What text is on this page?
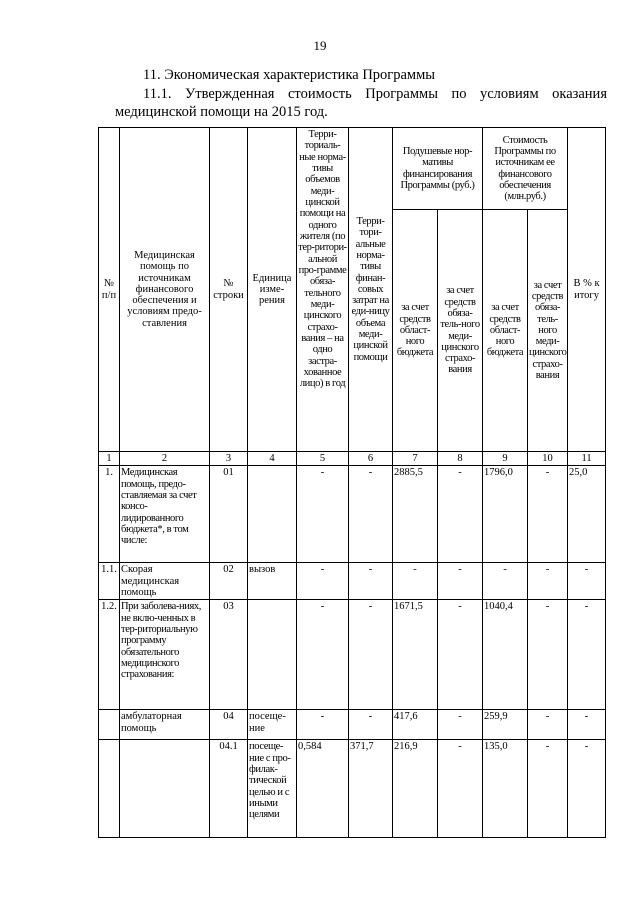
19
11. Экономическая характеристика Программы
11.1. Утвержденная стоимость Программы по условиям оказания
медицинской помощи на 2015 год.
№ п/п	Медицинская помощь по источникам финансового обеспечения и условиям предо-ставления	№ строки	Единица изме-рения	Терри-ториаль-ные норма-тивы объемов меди-цинской помощи на одного жителя (по тер-ритори-альной про-грамме обяза-тельного меди-цинского страхо-вания – на одно застра-хованное лицо) в год	Терри-тори-альные норма-тивы финан-совых затрат на еди-ницу объема меди-цинской помощи	Подушевые нор-мативы финансирования Программы (руб.)		Стоимость Программы по источникам ее финансового обеспечения (млн.руб.)		В % к итогу
						за счет средств област-ного бюджета	за счет средств обяза-тель-ного меди-цинского страхо-вания	за счет средств област-ного бюджета	за счет средств обяза-тель-ного меди-цинского страхо-вания	
1	2	3	4	5	6	7	8	9	10	11
1.	Медицинская помощь, предо-ставляемая за счет консо-лидированного бюджета*, в том числе:	01		-	-	2885,5	-	1796,0	-	25,0
1.1.	Скорая медицинская помощь	02	вызов	-	-	-	-	-	-	-
1.2.	При заболева-ниях, не вклю-ченных в тер-риториальную программу обязательного медицинского страхования:	03		-	-	1671,5	-	1040,4	-	-
	амбулаторная помощь	04	посеще-ние	-	-	417,6	-	259,9	-	-
		04.1	посеще-ние с про-филак-тической целью и с иными целями	0,584	371,7	216,9	-	135,0	-	-
